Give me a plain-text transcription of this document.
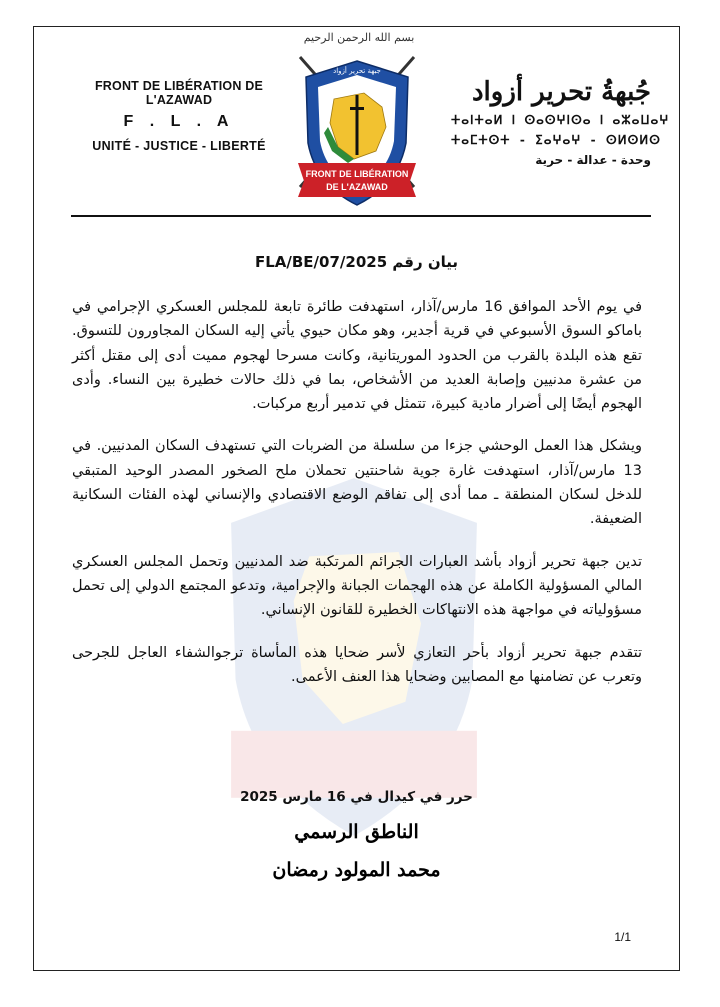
بسم الله الرحمن الرحيم
FRONT DE LIBÉRATION DE L'AZAWAD
F . L . A
UNITÉ - JUSTICE - LIBERTÉ
جبهة تحرير أزواد
FRONT DE LIBÉRATION
DE L'AZAWAD
جُبهةُ تحرير أزواد
ⵜⴰⵏⵜⴰⵍ ⵏ ⵙⴰⵙⵖⵏⵙⴰ ⵏ ⴰⵣⴰⵡⴰⵖ
ⵜⴰⵎⵜⵙⵜ - ⵉⴰⵖⴰⵖ - ⵙⵍⵙⵍⵙ
وحدة - عدالة - حرية
بيان رقم 2025/FLA/BE/07

في يوم الأحد الموافق 16 مارس/آذار، استهدفت طائرة تابعة للمجلس العسكري الإجرامي في باماكو السوق الأسبوعي في قرية أجدير، وهو مكان حيوي يأتي إليه السكان المجاورون للتسوق. تقع هذه البلدة بالقرب من الحدود الموريتانية، وكانت مسرحا لهجوم مميت أدى إلى مقتل أكثر من عشرة مدنيين وإصابة العديد من الأشخاص، بما في ذلك حالات خطيرة بين النساء. وأدى الهجوم أيضًا إلى أضرار مادية كبيرة، تتمثل في تدمير أربع مركبات.

ويشكل هذا العمل الوحشي جزءا من سلسلة من الضربات التي تستهدف السكان المدنيين. في 13 مارس/آذار، استهدفت غارة جوية شاحنتين تحملان ملح الصخور المصدر الوحيد المتبقي للدخل لسكان المنطقة ـ مما أدى إلى تفاقم الوضع الاقتصادي والإنساني لهذه الفئات السكانية الضعيفة.

تدين جبهة تحرير أزواد بأشد العبارات الجرائم المرتكبة ضد المدنيين وتحمل المجلس العسكري المالي المسؤولية الكاملة عن هذه الهجمات الجبانة والإجرامية، وتدعو المجتمع الدولي إلى تحمل مسؤولياته في مواجهة هذه الانتهاكات الخطيرة للقانون الإنساني.

تتقدم جبهة تحرير أزواد بأحر التعازي لأسر ضحايا هذه المأساة ترجوالشفاء العاجل للجرحى وتعرب عن تضامنها مع المصابين وضحايا هذا العنف الأعمى.

حرر في كيدال في 16 مارس 2025
الناطق الرسمي
محمد المولود رمضان
1/1
